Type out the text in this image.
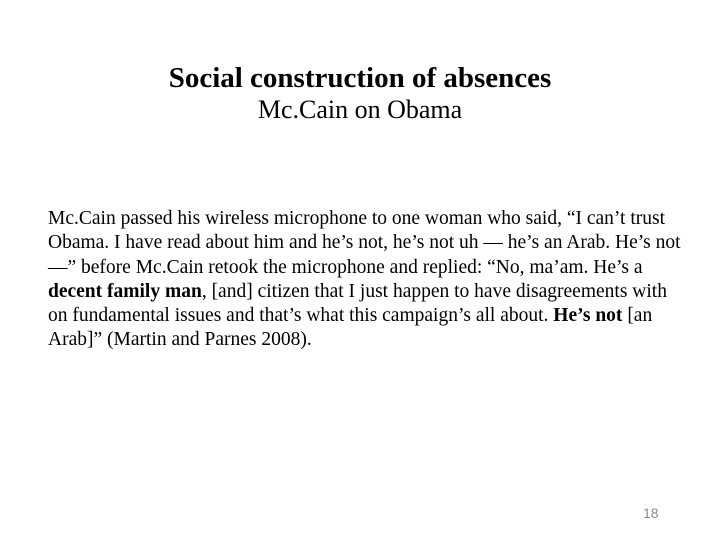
Social construction of absences
Mc.Cain on Obama

Mc.Cain passed his wireless microphone to one woman who said, “I can’t trust Obama. I have read about him and he’s not, he’s not uh — he’s an Arab. He’s not —” before Mc.Cain retook the microphone and replied: “No, ma’am. He’s a decent family man, [and] citizen that I just happen to have disagreements with on fundamental issues and that’s what this campaign’s all about. He’s not [an Arab]” (Martin and Parnes 2008).

18
